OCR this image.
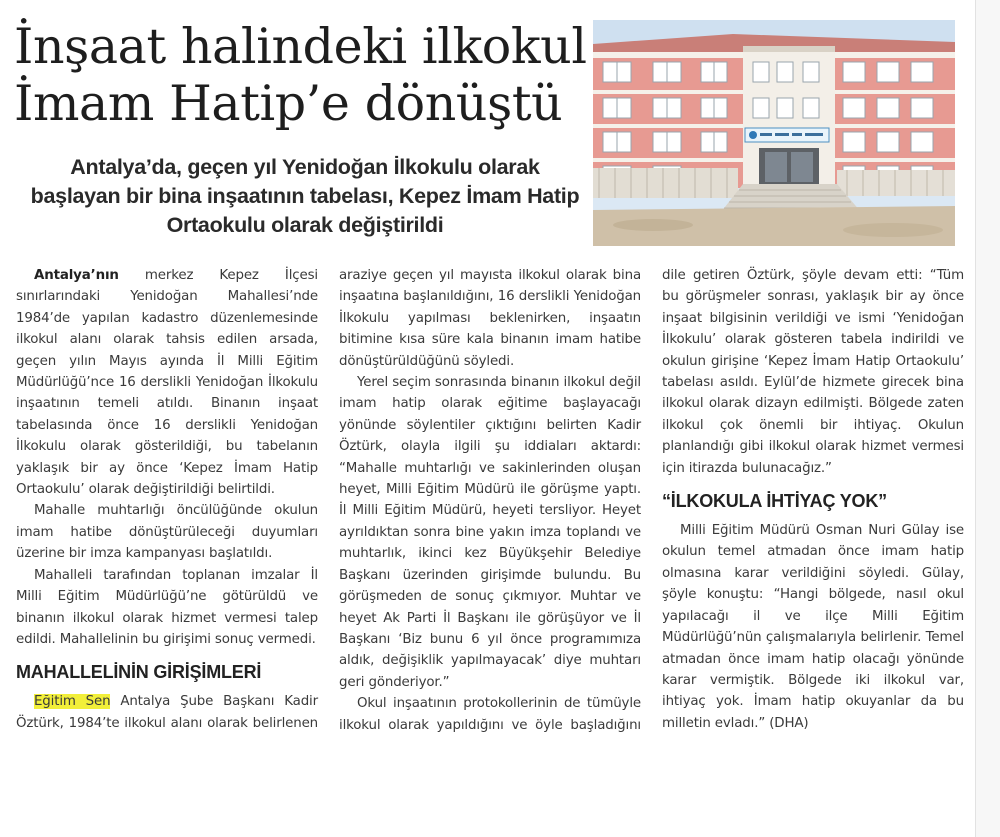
İnşaat halindeki ilkokul
İmam Hatip’e dönüştü
Antalya’da, geçen yıl Yenidoğan İlkokulu olarak başlayan bir bina inşaatının tabelası, Kepez İmam Hatip Ortaokulu olarak değiştirildi

Antalya’nın merkez Kepez İlçesi sınırlarındaki Yenidoğan Mahallesi’nde 1984’de yapılan kadastro düzenlemesinde ilkokul alanı olarak tahsis edilen arsada, geçen yılın Mayıs ayında İl Milli Eğitim Müdürlüğü’nce 16 derslikli Yenidoğan İlkokulu inşaatının temeli atıldı. Binanın inşaat tabelasında önce 16 derslikli Yenidoğan İlkokulu olarak gösterildiği, bu tabelanın yaklaşık bir ay önce ‘Kepez İmam Hatip Ortaokulu’ olarak değiştirildiği belirtildi.

Mahalle muhtarlığı öncülüğünde okulun imam hatibe dönüştürüleceği duyumları üzerine bir imza kampanyası başlatıldı.

Mahalleli tarafından toplanan imzalar İl Milli Eğitim Müdürlüğü’ne götürüldü ve binanın ilkokul olarak hizmet vermesi talep edildi. Mahallelinin bu girişimi sonuç vermedi.

MAHALLELİNİN GİRİŞİMLERİ

Eğitim Sen Antalya Şube Başkanı Kadir Öztürk, 1984’te ilkokul alanı olarak belirlenen araziye geçen yıl mayısta ilkokul olarak bina inşaatına başlanıldığını, 16 derslikli Yenidoğan İlkokulu yapılması beklenirken, inşaatın bitimine kısa süre kala binanın imam hatibe dönüştürüldüğünü söyledi.

Yerel seçim sonrasında binanın ilkokul değil imam hatip olarak eğitime başlayacağı yönünde söylentiler çıktığını belirten Kadir Öztürk, olayla ilgili şu iddiaları aktardı: “Mahalle muhtarlığı ve sakinlerinden oluşan heyet, Milli Eğitim Müdürü ile görüşme yaptı. İl Milli Eğitim Müdürü, heyeti tersliyor. Heyet ayrıldıktan sonra bine yakın imza toplandı ve muhtarlık, ikinci kez Büyükşehir Belediye Başkanı üzerinden girişimde bulundu. Bu görüşmeden de sonuç çıkmıyor. Muhtar ve heyet Ak Parti İl Başkanı ile görüşüyor ve İl Başkanı ‘Biz bunu 6 yıl önce programımıza aldık, değişiklik yapılmayacak’ diye muhtarı geri gönderiyor.”

Okul inşaatının protokollerinin de tümüyle ilkokul olarak yapıldığını ve öyle başladığını dile getiren Öztürk, şöyle devam etti: “Tüm bu görüşmeler sonrası, yaklaşık bir ay önce inşaat bilgisinin verildiği ve ismi ‘Yenidoğan İlkokulu’ olarak gösteren tabela indirildi ve okulun girişine ‘Kepez İmam Hatip Ortaokulu’ tabelası asıldı. Eylül’de hizmete girecek bina ilkokul olarak dizayn edilmişti. Bölgede zaten ilkokul çok önemli bir ihtiyaç. Okulun planlandığı gibi ilkokul olarak hizmet vermesi için itirazda bulunacağız.”

“İLKOKULA İHTİYAÇ YOK”

Milli Eğitim Müdürü Osman Nuri Gülay ise okulun temel atmadan önce imam hatip olmasına karar verildiğini söyledi. Gülay, şöyle konuştu: “Hangi bölgede, nasıl okul yapılacağı il ve ilçe Milli Eğitim Müdürlüğü’nün çalışmalarıyla belirlenir. Temel atmadan önce imam hatip olacağı yönünde karar vermiştik. Bölgede iki ilkokul var, ihtiyaç yok. İmam hatip okuyanlar da bu milletin evladı.” (DHA)
